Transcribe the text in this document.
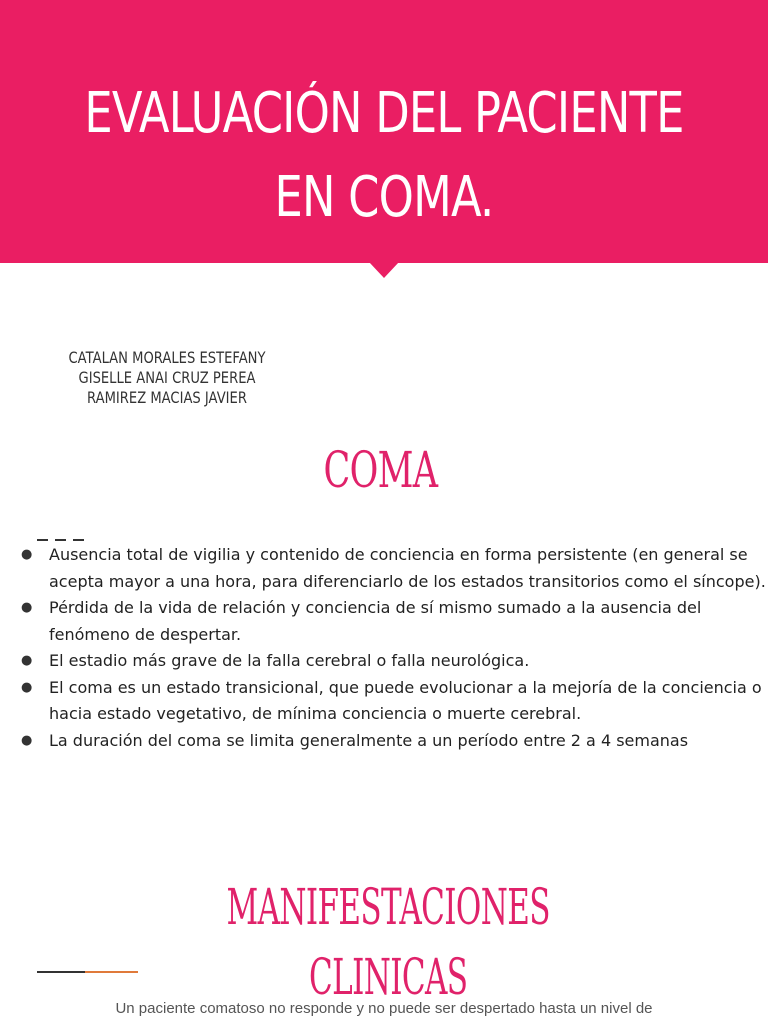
EVALUACIÓN DEL PACIENTE
EN COMA.
CATALAN MORALES ESTEFANY
GISELLE ANAI CRUZ PEREA
RAMIREZ MACIAS JAVIER
COMA
● Ausencia total de vigilia y contenido de conciencia en forma persistente (en general se acepta mayor a una hora, para diferenciarlo de los estados transitorios como el síncope).
● Pérdida de la vida de relación y conciencia de sí mismo sumado a la ausencia del fenómeno de despertar.
● El estadio más grave de la falla cerebral o falla neurológica.
● El coma es un estado transicional, que puede evolucionar a la mejoría de la conciencia o hacia estado vegetativo, de mínima conciencia o muerte cerebral.
● La duración del coma se limita generalmente a un período entre 2 a 4 semanas
MANIFESTACIONES CLINICAS
Un paciente comatoso no responde y no puede ser despertado hasta un nivel de
